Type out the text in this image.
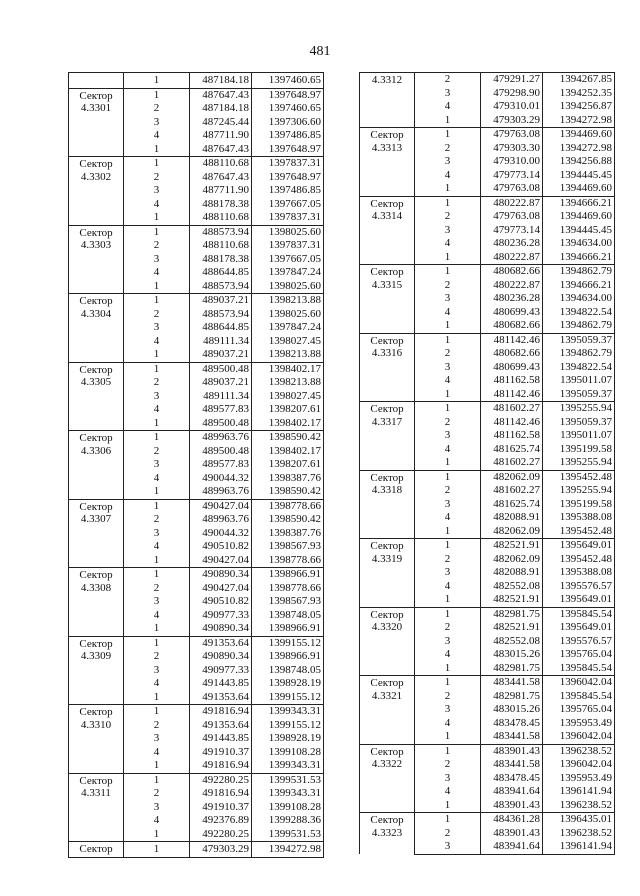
481
	1	487184.18	1397460.65
Сектор 4.3301	1	487647.43	1397648.97
	2	487184.18	1397460.65
	3	487245.44	1397306.60
	4	487711.90	1397486.85
	1	487647.43	1397648.97
Сектор 4.3302	1	488110.68	1397837.31
	2	487647.43	1397648.97
	3	487711.90	1397486.85
	4	488178.38	1397667.05
	1	488110.68	1397837.31
Сектор 4.3303	1	488573.94	1398025.60
	2	488110.68	1397837.31
	3	488178.38	1397667.05
	4	488644.85	1397847.24
	1	488573.94	1398025.60
Сектор 4.3304	1	489037.21	1398213.88
	2	488573.94	1398025.60
	3	488644.85	1397847.24
	4	489111.34	1398027.45
	1	489037.21	1398213.88
Сектор 4.3305	1	489500.48	1398402.17
	2	489037.21	1398213.88
	3	489111.34	1398027.45
	4	489577.83	1398207.61
	1	489500.48	1398402.17
Сектор 4.3306	1	489963.76	1398590.42
	2	489500.48	1398402.17
	3	489577.83	1398207.61
	4	490044.32	1398387.76
	1	489963.76	1398590.42
Сектор 4.3307	1	490427.04	1398778.66
	2	489963.76	1398590.42
	3	490044.32	1398387.76
	4	490510.82	1398567.93
	1	490427.04	1398778.66
Сектор 4.3308	1	490890.34	1398966.91
	2	490427.04	1398778.66
	3	490510.82	1398567.93
	4	490977.33	1398748.05
	1	490890.34	1398966.91
Сектор 4.3309	1	491353.64	1399155.12
	2	490890.34	1398966.91
	3	490977.33	1398748.05
	4	491443.85	1398928.19
	1	491353.64	1399155.12
Сектор 4.3310	1	491816.94	1399343.31
	2	491353.64	1399155.12
	3	491443.85	1398928.19
	4	491910.37	1399108.28
	1	491816.94	1399343.31
Сектор 4.3311	1	492280.25	1399531.53
	2	491816.94	1399343.31
	3	491910.37	1399108.28
	4	492376.89	1399288.36
	1	492280.25	1399531.53
Сектор	1	479303.29	1394272.98
4.3312	2	479291.27	1394267.85
	3	479298.90	1394252.35
	4	479310.01	1394256.87
	1	479303.29	1394272.98
Сектор 4.3313	1	479763.08	1394469.60
	2	479303.30	1394272.98
	3	479310.00	1394256.88
	4	479773.14	1394445.45
	1	479763.08	1394469.60
Сектор 4.3314	1	480222.87	1394666.21
	2	479763.08	1394469.60
	3	479773.14	1394445.45
	4	480236.28	1394634.00
	1	480222.87	1394666.21
Сектор 4.3315	1	480682.66	1394862.79
	2	480222.87	1394666.21
	3	480236.28	1394634.00
	4	480699.43	1394822.54
	1	480682.66	1394862.79
Сектор 4.3316	1	481142.46	1395059.37
	2	480682.66	1394862.79
	3	480699.43	1394822.54
	4	481162.58	1395011.07
	1	481142.46	1395059.37
Сектор 4.3317	1	481602.27	1395255.94
	2	481142.46	1395059.37
	3	481162.58	1395011.07
	4	481625.74	1395199.58
	1	481602.27	1395255.94
Сектор 4.3318	1	482062.09	1395452.48
	2	481602.27	1395255.94
	3	481625.74	1395199.58
	4	482088.91	1395388.08
	1	482062.09	1395452.48
Сектор 4.3319	1	482521.91	1395649.01
	2	482062.09	1395452.48
	3	482088.91	1395388.08
	4	482552.08	1395576.57
	1	482521.91	1395649.01
Сектор 4.3320	1	482981.75	1395845.54
	2	482521.91	1395649.01
	3	482552.08	1395576.57
	4	483015.26	1395765.04
	1	482981.75	1395845.54
Сектор 4.3321	1	483441.58	1396042.04
	2	482981.75	1395845.54
	3	483015.26	1395765.04
	4	483478.45	1395953.49
	1	483441.58	1396042.04
Сектор 4.3322	1	483901.43	1396238.52
	2	483441.58	1396042.04
	3	483478.45	1395953.49
	4	483941.64	1396141.94
	1	483901.43	1396238.52
Сектор 4.3323	1	484361.28	1396435.01
	2	483901.43	1396238.52
	3	483941.64	1396141.94
